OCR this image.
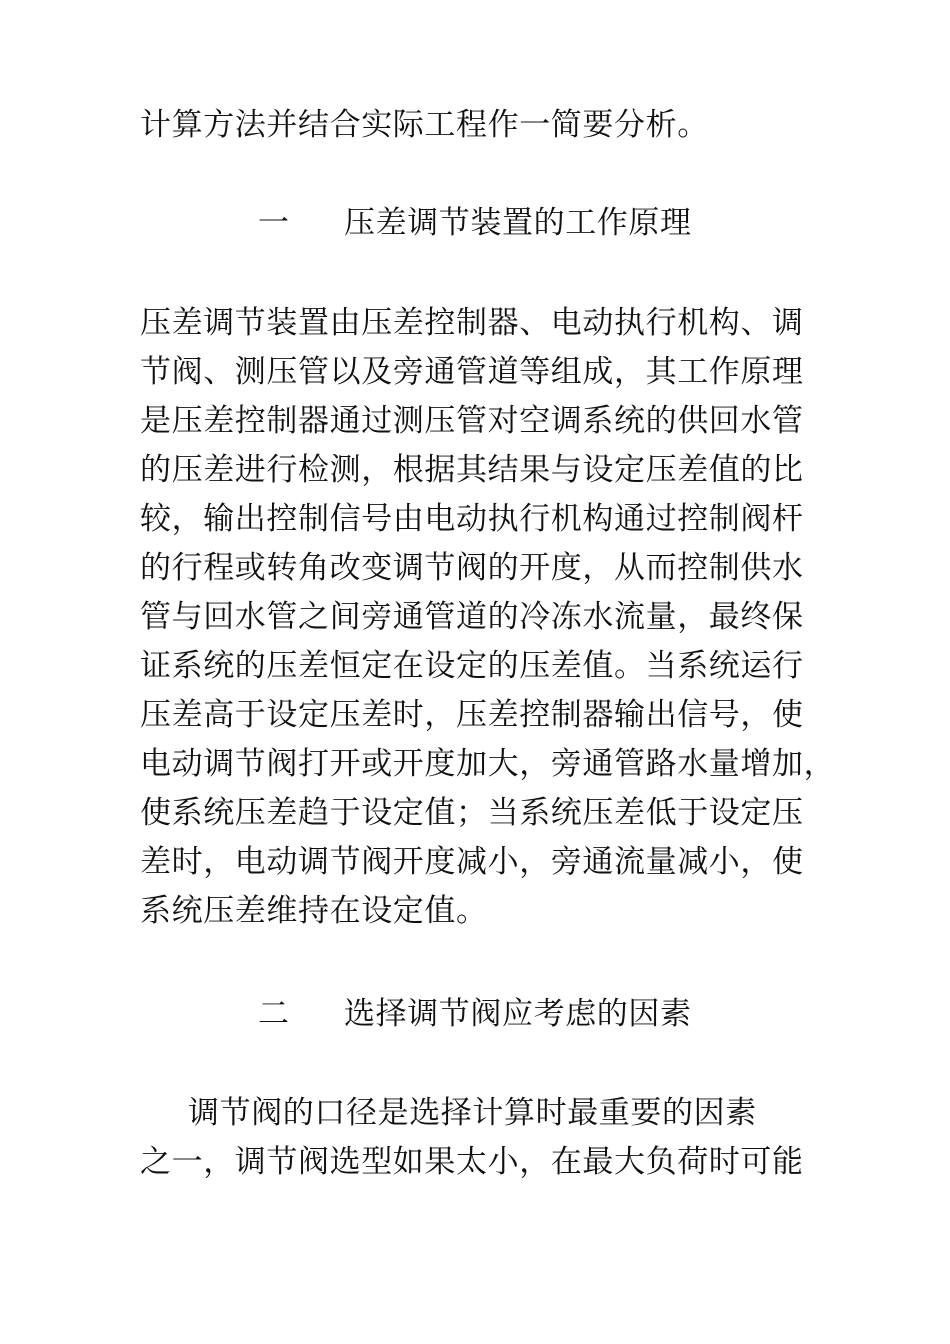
计算方法并结合实际工程作一简要分析。
一 压差调节装置的工作原理
压差调节装置由压差控制器、电动执行机构、调
节阀、测压管以及旁通管道等组成，其工作原理
是压差控制器通过测压管对空调系统的供回水管
的压差进行检测，根据其结果与设定压差值的比
较，输出控制信号由电动执行机构通过控制阀杆
的行程或转角改变调节阀的开度，从而控制供水
管与回水管之间旁通管道的冷冻水流量，最终保
证系统的压差恒定在设定的压差值。当系统运行
压差高于设定压差时，压差控制器输出信号，使
电动调节阀打开或开度加大，旁通管路水量增加，
使系统压差趋于设定值；当系统压差低于设定压
差时，电动调节阀开度减小，旁通流量减小，使
系统压差维持在设定值。
二 选择调节阀应考虑的因素
调节阀的口径是选择计算时最重要的因素
之一，调节阀选型如果太小，在最大负荷时可能
